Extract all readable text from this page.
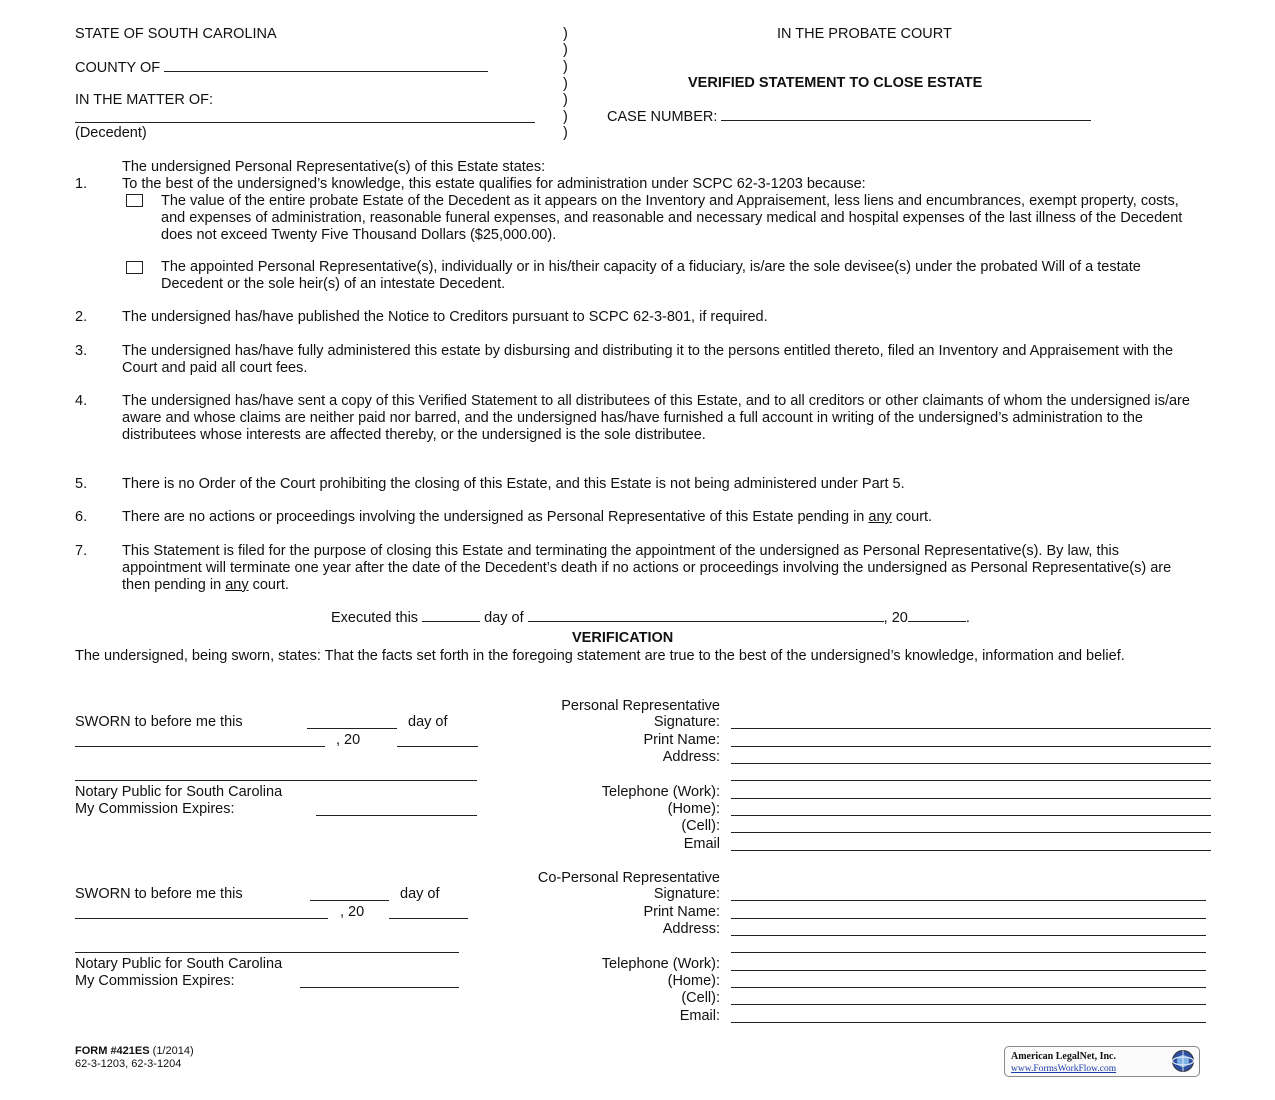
STATE OF SOUTH CAROLINA
COUNTY OF
IN THE MATTER OF:
(Decedent)
)
)
)
)
)
)
)
IN THE PROBATE COURT
VERIFIED STATEMENT TO CLOSE ESTATE
CASE NUMBER:
The undersigned Personal Representative(s) of this Estate states:
1. To the best of the undersigned’s knowledge, this estate qualifies for administration under SCPC 62-3-1203 because:
The value of the entire probate Estate of the Decedent as it appears on the Inventory and Appraisement, less liens and encumbrances, exempt property, costs, and expenses of administration, reasonable funeral expenses, and reasonable and necessary medical and hospital expenses of the last illness of the Decedent does not exceed Twenty Five Thousand Dollars ($25,000.00).
The appointed Personal Representative(s), individually or in his/their capacity of a fiduciary, is/are the sole devisee(s) under the probated Will of a testate Decedent or the sole heir(s) of an intestate Decedent.
2. The undersigned has/have published the Notice to Creditors pursuant to SCPC 62-3-801, if required.
3. The undersigned has/have fully administered this estate by disbursing and distributing it to the persons entitled thereto, filed an Inventory and Appraisement with the Court and paid all court fees.
4. The undersigned has/have sent a copy of this Verified Statement to all distributees of this Estate, and to all creditors or other claimants of whom the undersigned is/are aware and whose claims are neither paid nor barred, and the undersigned has/have furnished a full account in writing of the undersigned’s administration to the distributees whose interests are affected thereby, or the undersigned is the sole distributee.
5. There is no Order of the Court prohibiting the closing of this Estate, and this Estate is not being administered under Part 5.
6. There are no actions or proceedings involving the undersigned as Personal Representative of this Estate pending in any court.
7. This Statement is filed for the purpose of closing this Estate and terminating the appointment of the undersigned as Personal Representative(s). By law, this appointment will terminate one year after the date of the Decedent’s death if no actions or proceedings involving the undersigned as Personal Representative(s) are then pending in any court.
Executed this	day of	, 20	.
VERIFICATION
The undersigned, being sworn, states: That the facts set forth in the foregoing statement are true to the best of the undersigned’s knowledge, information and belief.
SWORN to before me this	day of
, 20
Notary Public for South Carolina
My Commission Expires:
Personal Representative
Signature:
Print Name:
Address:
Telephone (Work):
(Home):
(Cell):
Email
SWORN to before me this	day of
, 20
Notary Public for South Carolina
My Commission Expires:
Co-Personal Representative
Signature:
Print Name:
Address:
Telephone (Work):
(Home):
(Cell):
Email:
FORM #421ES (1/2014)
62-3-1203, 62-3-1204
American LegalNet, Inc.
www.FormsWorkFlow.com
